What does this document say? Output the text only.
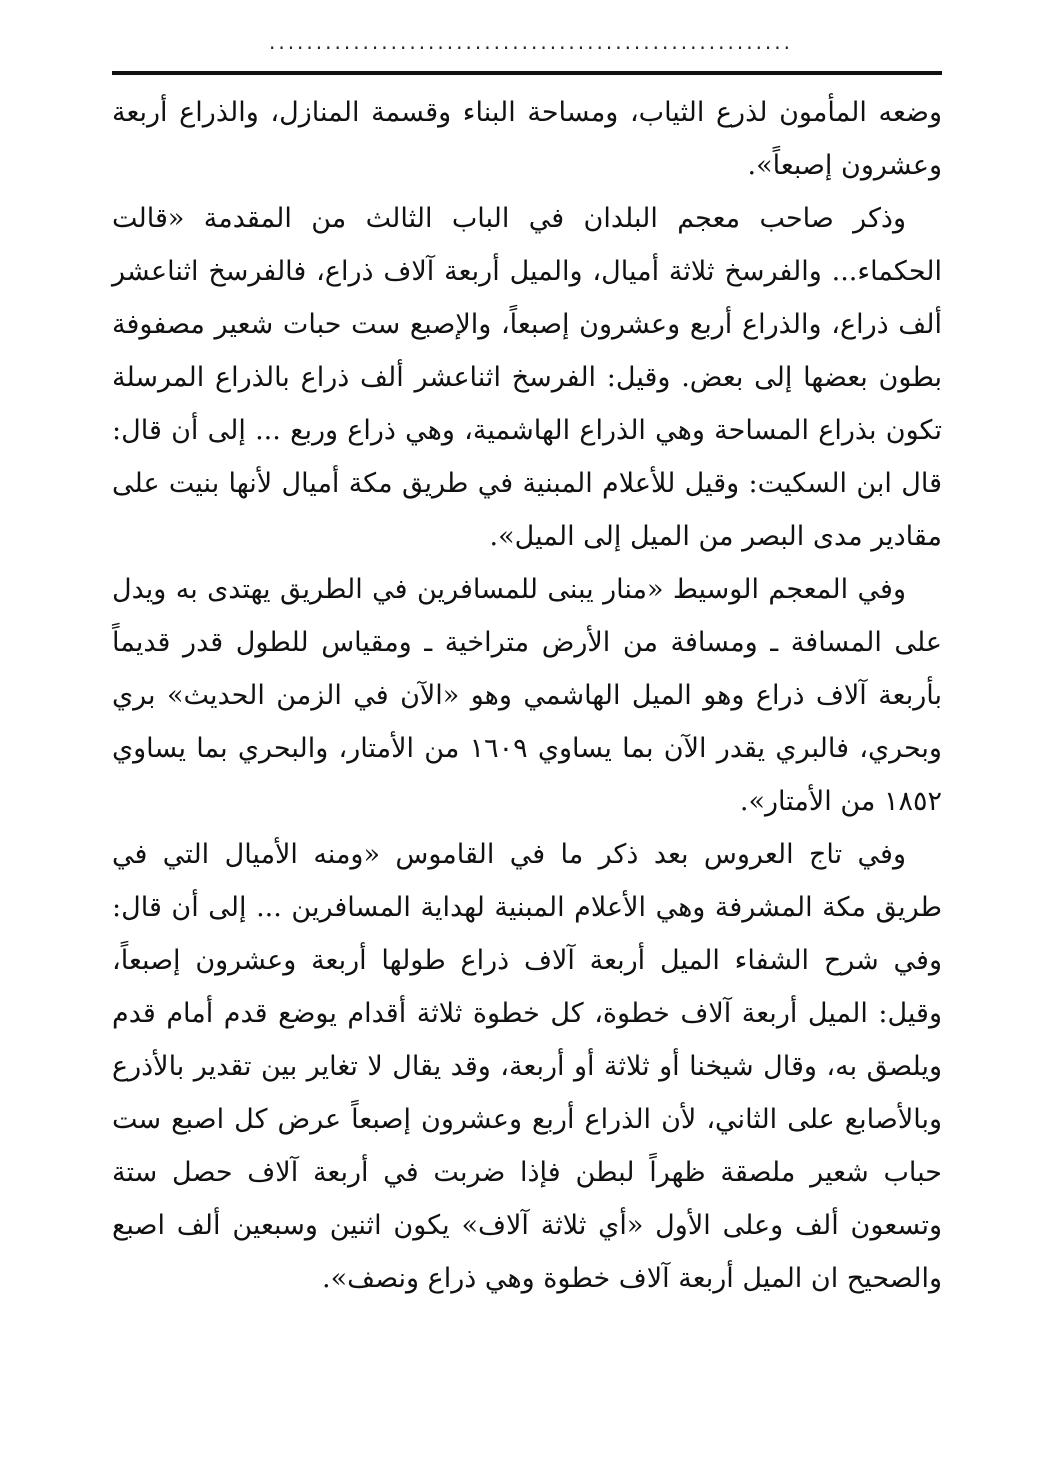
........................................................

وضعه المأمون لذرع الثياب، ومساحة البناء وقسمة المنازل، والذراع أربعة وعشرون إصبعاً».

وذكر صاحب معجم البلدان في الباب الثالث من المقدمة «قالت الحكماء... والفرسخ ثلاثة أميال، والميل أربعة آلاف ذراع، فالفرسخ اثناعشر ألف ذراع، والذراع أربع وعشرون إصبعاً، والإصبع ست حبات شعير مصفوفة بطون بعضها إلى بعض. وقيل: الفرسخ اثناعشر ألف ذراع بالذراع المرسلة تكون بذراع المساحة وهي الذراع الهاشمية، وهي ذراع وربع ... إلى أن قال: قال ابن السكيت: وقيل للأعلام المبنية في طريق مكة أميال لأنها بنيت على مقادير مدى البصر من الميل إلى الميل».

وفي المعجم الوسيط «منار يبنى للمسافرين في الطريق يهتدى به ويدل على المسافة ـ ومسافة من الأرض متراخية ـ ومقياس للطول قدر قديماً بأربعة آلاف ذراع وهو الميل الهاشمي وهو «الآن في الزمن الحديث» بري وبحري، فالبري يقدر الآن بما يساوي ١٦٠٩ من الأمتار، والبحري بما يساوي ١٨٥٢ من الأمتار».

وفي تاج العروس بعد ذكر ما في القاموس «ومنه الأميال التي في طريق مكة المشرفة وهي الأعلام المبنية لهداية المسافرين ... إلى أن قال: وفي شرح الشفاء الميل أربعة آلاف ذراع طولها أربعة وعشرون إصبعاً، وقيل: الميل أربعة آلاف خطوة، كل خطوة ثلاثة أقدام يوضع قدم أمام قدم ويلصق به، وقال شيخنا أو ثلاثة أو أربعة، وقد يقال لا تغاير بين تقدير بالأذرع وبالأصابع على الثاني، لأن الذراع أربع وعشرون إصبعاً عرض كل اصبع ست حباب شعير ملصقة ظهراً لبطن فإذا ضربت في أربعة آلاف حصل ستة وتسعون ألف وعلى الأول «أي ثلاثة آلاف» يكون اثنين وسبعين ألف اصبع والصحيح ان الميل أربعة آلاف خطوة وهي ذراع ونصف».
